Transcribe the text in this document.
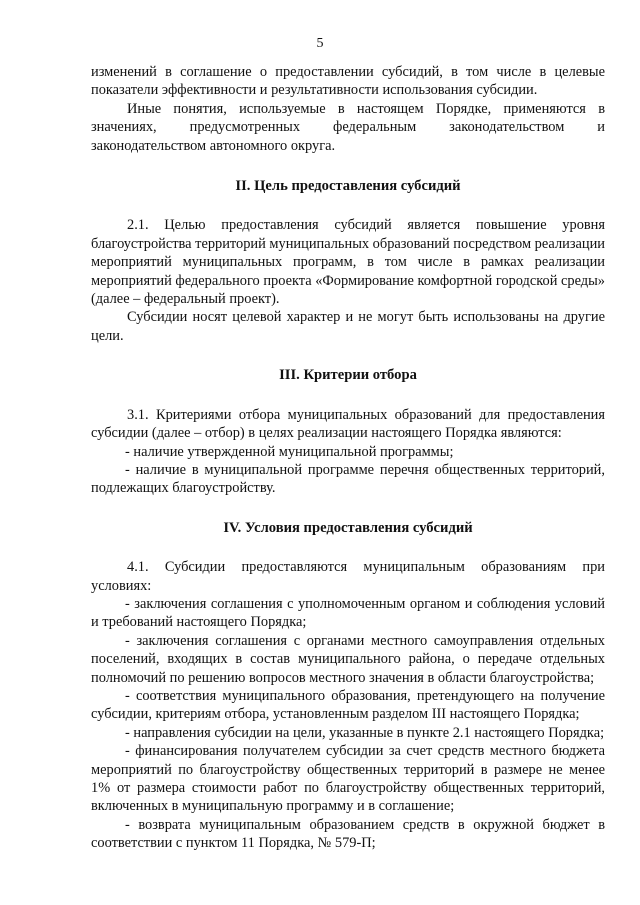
5

изменений в соглашение о предоставлении субсидий, в том числе в целевые показатели эффективности и результативности использования субсидии.

Иные понятия, используемые в настоящем Порядке, применяются в значениях, предусмотренных федеральным законодательством и законодательством автономного округа.

II. Цель предоставления субсидий

2.1. Целью предоставления субсидий является повышение уровня благоустройства территорий муниципальных образований посредством реализации мероприятий муниципальных программ, в том числе в рамках реализации мероприятий федерального проекта «Формирование комфортной городской среды» (далее – федеральный проект).

Субсидии носят целевой характер и не могут быть использованы на другие цели.

III. Критерии отбора

3.1. Критериями отбора муниципальных образований для предоставления субсидии (далее – отбор) в целях реализации настоящего Порядка являются:

- наличие утвержденной муниципальной программы;

- наличие в муниципальной программе перечня общественных территорий, подлежащих благоустройству.

IV. Условия предоставления субсидий

4.1. Субсидии предоставляются муниципальным образованиям при условиях:

- заключения соглашения с уполномоченным органом и соблюдения условий и требований настоящего Порядка;

- заключения соглашения с органами местного самоуправления отдельных поселений, входящих в состав муниципального района, о передаче отдельных полномочий по решению вопросов местного значения в области благоустройства;

- соответствия муниципального образования, претендующего на получение субсидии, критериям отбора, установленным разделом III настоящего Порядка;

- направления субсидии на цели, указанные в пункте 2.1 настоящего Порядка;

- финансирования получателем субсидии за счет средств местного бюджета мероприятий по благоустройству общественных территорий в размере не менее 1% от размера стоимости работ по благоустройству общественных территорий, включенных в муниципальную программу и в соглашение;

- возврата муниципальным образованием средств в окружной бюджет в соответствии с пунктом 11 Порядка, № 579-П;
